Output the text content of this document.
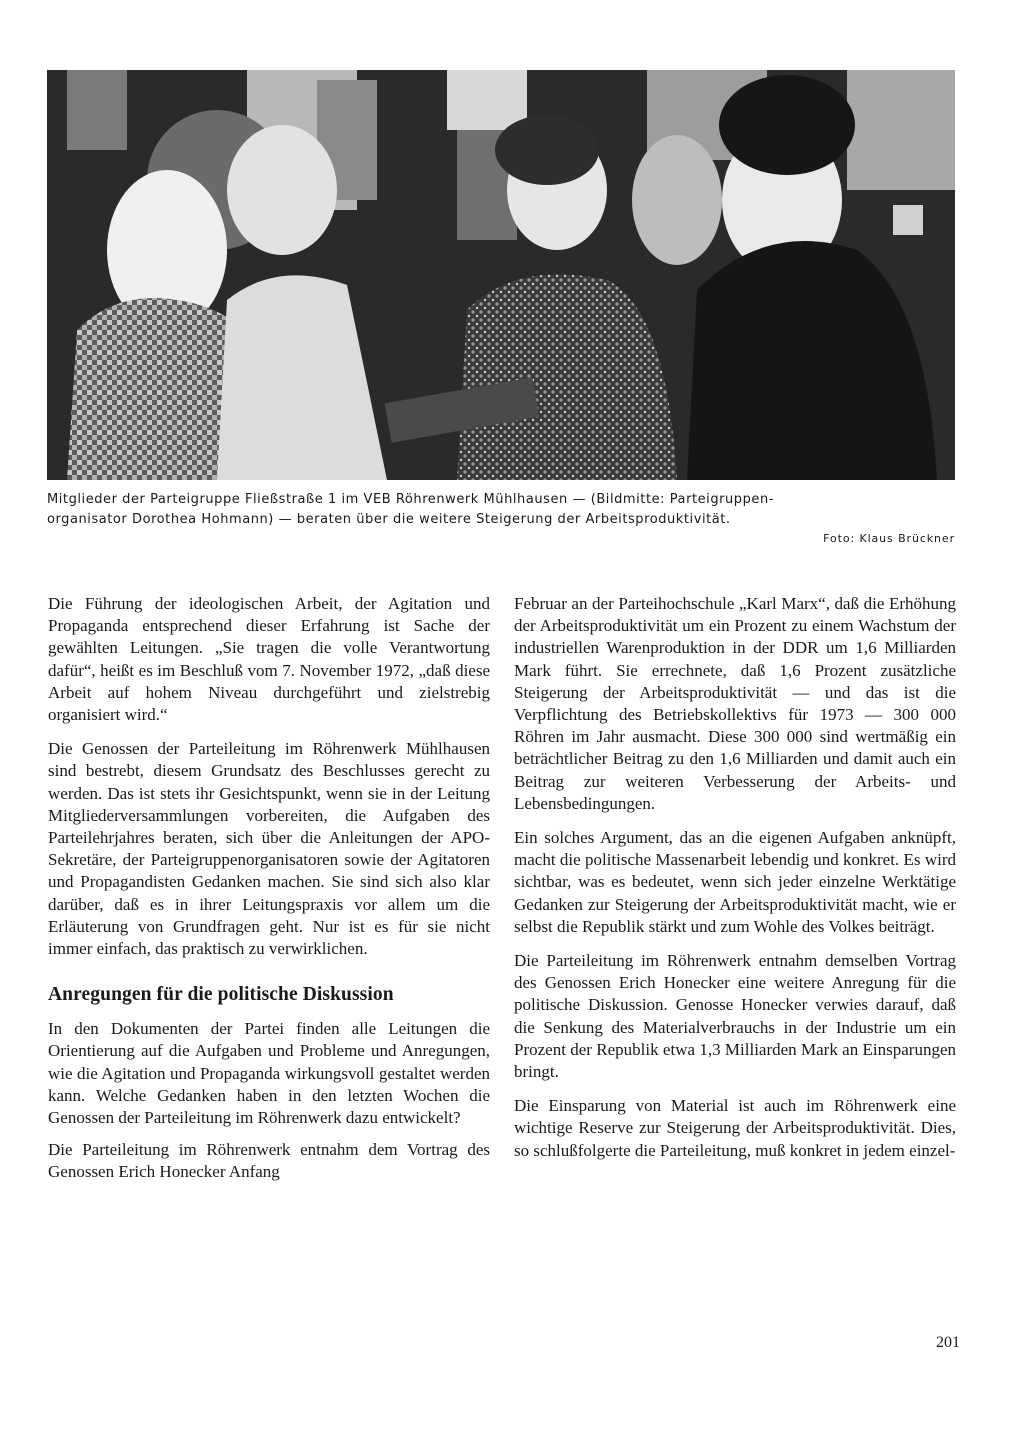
Mitglieder der Parteigruppe Fließstraße 1 im VEB Röhrenwerk Mühlhausen — (Bildmitte: Parteigruppen-
organisator Dorothea Hohmann) — beraten über die weitere Steigerung der Arbeitsproduktivität.
Foto: Klaus Brückner

Die Führung der ideologischen Arbeit, der Agitation und Propaganda entsprechend dieser Erfahrung ist Sache der gewählten Leitungen. „Sie tragen die volle Verantwortung dafür“, heißt es im Beschluß vom 7. November 1972, „daß diese Arbeit auf hohem Niveau durchgeführt und zielstrebig organisiert wird.“

Die Genossen der Parteileitung im Röhrenwerk Mühlhausen sind bestrebt, diesem Grundsatz des Beschlusses gerecht zu werden. Das ist stets ihr Gesichtspunkt, wenn sie in der Leitung Mitgliederversammlungen vorbereiten, die Aufgaben des Parteilehrjahres beraten, sich über die Anleitungen der APO-Sekretäre, der Parteigruppenorganisatoren sowie der Agitatoren und Propagandisten Gedanken machen. Sie sind sich also klar darüber, daß es in ihrer Leitungspraxis vor allem um die Erläuterung von Grundfragen geht. Nur ist es für sie nicht immer einfach, das praktisch zu verwirklichen.

Anregungen für die politische Diskussion

In den Dokumenten der Partei finden alle Leitungen die Orientierung auf die Aufgaben und Probleme und Anregungen, wie die Agitation und Propaganda wirkungsvoll gestaltet werden kann. Welche Gedanken haben in den letzten Wochen die Genossen der Parteileitung im Röhrenwerk dazu entwickelt?

Die Parteileitung im Röhrenwerk entnahm dem Vortrag des Genossen Erich Honecker Anfang

Februar an der Parteihochschule „Karl Marx“, daß die Erhöhung der Arbeitsproduktivität um ein Prozent zu einem Wachstum der industriellen Warenproduktion in der DDR um 1,6 Milliarden Mark führt. Sie errechnete, daß 1,6 Prozent zusätzliche Steigerung der Arbeitsproduktivität — und das ist die Verpflichtung des Betriebskollektivs für 1973 — 300 000 Röhren im Jahr ausmacht. Diese 300 000 sind wertmäßig ein beträchtlicher Beitrag zu den 1,6 Milliarden und damit auch ein Beitrag zur weiteren Verbesserung der Arbeits- und Lebensbedingungen.

Ein solches Argument, das an die eigenen Aufgaben anknüpft, macht die politische Massenarbeit lebendig und konkret. Es wird sichtbar, was es bedeutet, wenn sich jeder einzelne Werktätige Gedanken zur Steigerung der Arbeitsproduktivität macht, wie er selbst die Republik stärkt und zum Wohle des Volkes beiträgt.

Die Parteileitung im Röhrenwerk entnahm demselben Vortrag des Genossen Erich Honecker eine weitere Anregung für die politische Diskussion. Genosse Honecker verwies darauf, daß die Senkung des Materialverbrauchs in der Industrie um ein Prozent der Republik etwa 1,3 Milliarden Mark an Einsparungen bringt.

Die Einsparung von Material ist auch im Röhrenwerk eine wichtige Reserve zur Steigerung der Arbeitsproduktivität. Dies, so schlußfolgerte die Parteileitung, muß konkret in jedem einzel-

201
